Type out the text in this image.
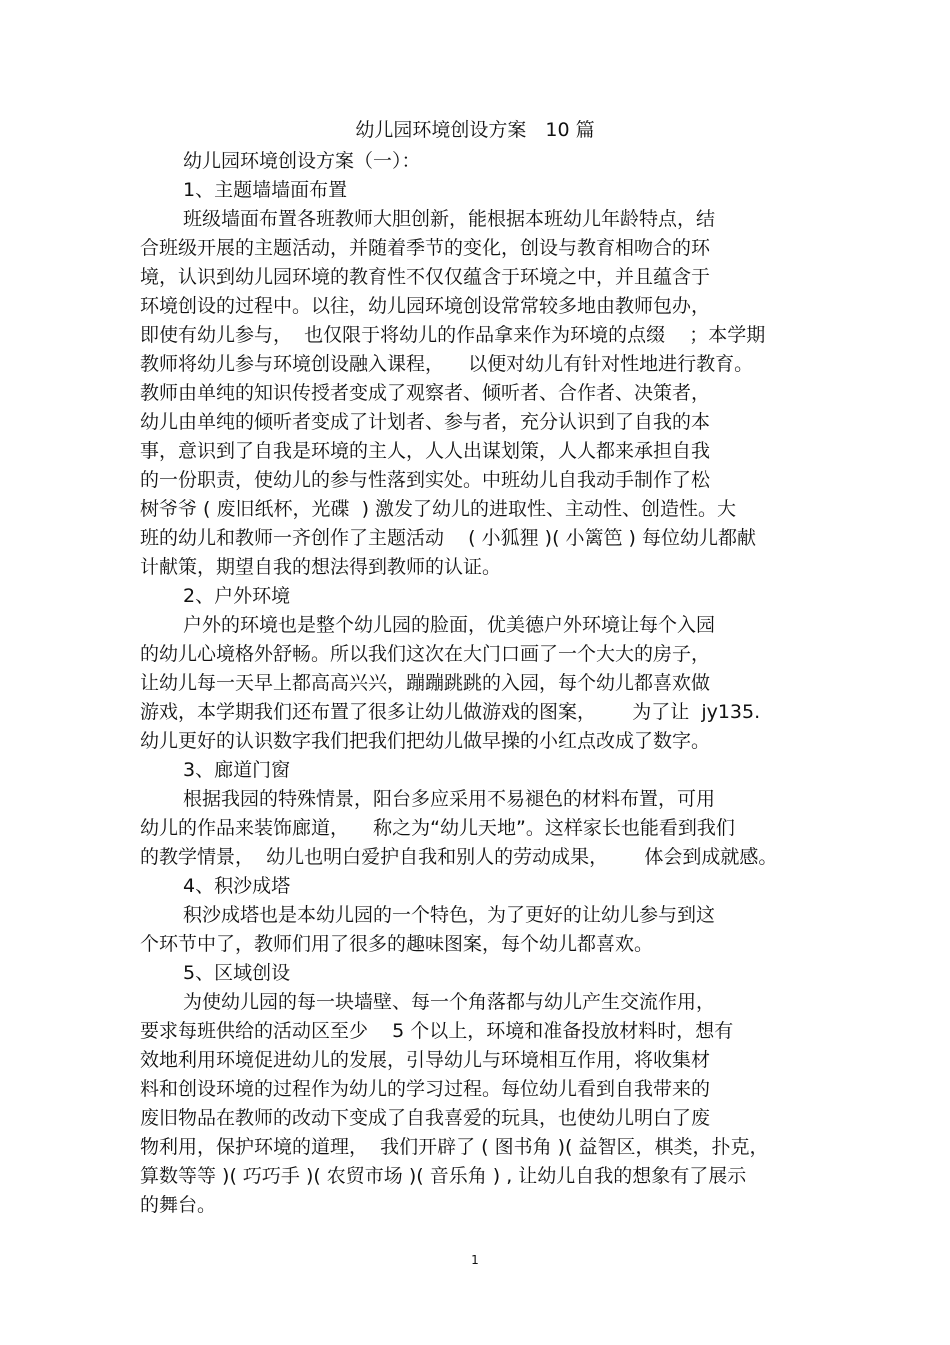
幼儿园环境创设方案　10 篇
幼儿园环境创设方案（一）：
1、主题墙墙面布置
班级墙面布置各班教师大胆创新，能根据本班幼儿年龄特点，结
合班级开展的主题活动，并随着季节的变化，创设与教育相吻合的环
境，认识到幼儿园环境的教育性不仅仅蕴含于环境之中，并且蕴含于
环境创设的过程中。以往，幼儿园环境创设常常较多地由教师包办，
即使有幼儿参与，  也仅限于将幼儿的作品拿来作为环境的点缀    ；本学期
教师将幼儿参与环境创设融入课程，    以便对幼儿有针对性地进行教育。
教师由单纯的知识传授者变成了观察者、倾听者、合作者、决策者，
幼儿由单纯的倾听者变成了计划者、参与者，充分认识到了自我的本
事，意识到了自我是环境的主人，人人出谋划策，人人都来承担自我
的一份职责，使幼儿的参与性落到实处。中班幼儿自我动手制作了松
树爷爷 ( 废旧纸杯，光碟  ) 激发了幼儿的进取性、主动性、创造性。大
班的幼儿和教师一齐创作了主题活动    ( 小狐狸 )( 小篱笆 ) 每位幼儿都献
计献策，期望自我的想法得到教师的认证。
2、户外环境
户外的环境也是整个幼儿园的脸面，优美德户外环境让每个入园
的幼儿心境格外舒畅。所以我们这次在大门口画了一个大大的房子，
让幼儿每一天早上都高高兴兴，蹦蹦跳跳的入园，每个幼儿都喜欢做
游戏，本学期我们还布置了很多让幼儿做游戏的图案，      为了让  jy135.
幼儿更好的认识数字我们把我们把幼儿做早操的小红点改成了数字。
3、廊道门窗
根据我园的特殊情景，阳台多应采用不易褪色的材料布置，可用
幼儿的作品来装饰廊道，    称之为“幼儿天地”。这样家长也能看到我们
的教学情景，  幼儿也明白爱护自我和别人的劳动成果，      体会到成就感。
4、积沙成塔
积沙成塔也是本幼儿园的一个特色，为了更好的让幼儿参与到这
个环节中了，教师们用了很多的趣味图案，每个幼儿都喜欢。
5、区域创设
为使幼儿园的每一块墙壁、每一个角落都与幼儿产生交流作用，
要求每班供给的活动区至少    5 个以上，环境和准备投放材料时，想有
效地利用环境促进幼儿的发展，引导幼儿与环境相互作用，将收集材
料和创设环境的过程作为幼儿的学习过程。每位幼儿看到自我带来的
废旧物品在教师的改动下变成了自我喜爱的玩具，也使幼儿明白了废
物利用，保护环境的道理，  我们开辟了 ( 图书角 )( 益智区，棋类，扑克，
算数等等 )( 巧巧手 )( 农贸市场 )( 音乐角 ) , 让幼儿自我的想象有了展示
的舞台。
1
